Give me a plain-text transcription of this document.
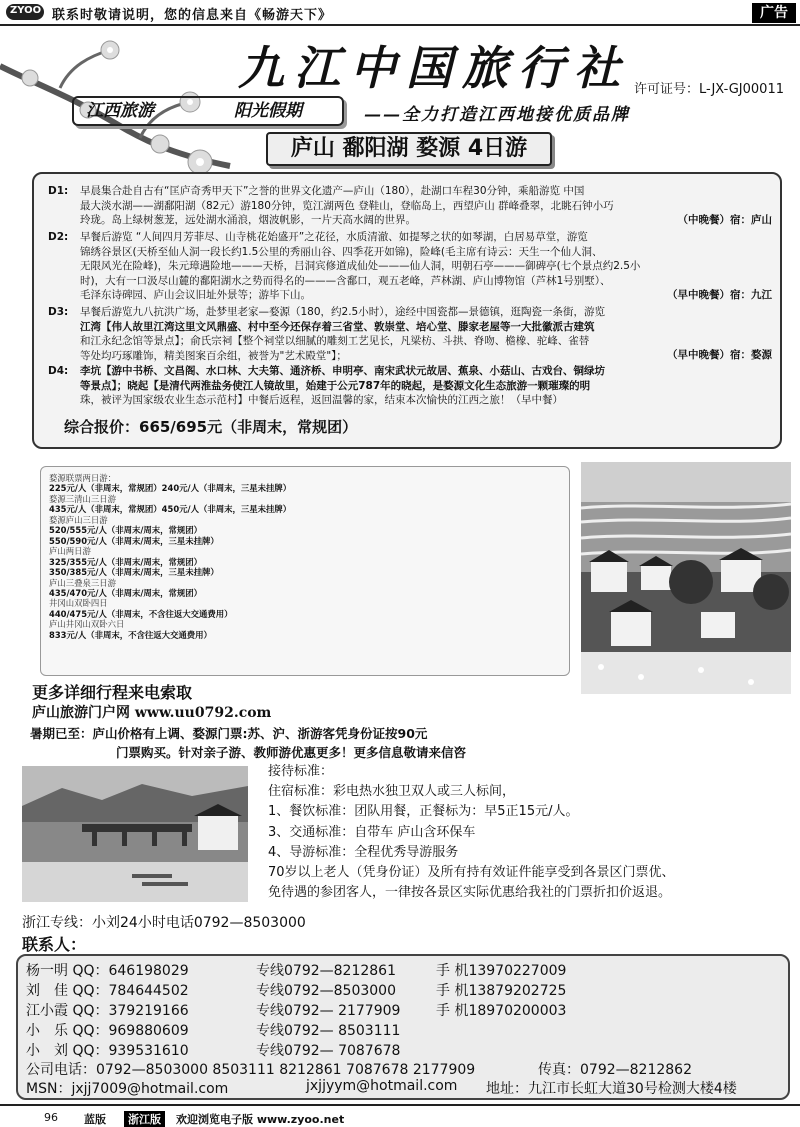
ZYOO 联系时敬请说明，您的信息来自《畅游天下》	广告
九江中国旅行社 许可证号：L-JX-GJ00011
江西旅游	阳光假期	——全力打造江西地接优质品牌
庐山 鄱阳湖 婺源 4日游
D1: 早晨集合赴自古有“匡庐奇秀甲天下”之誉的世界文化遗产—庐山（180），赴湖口车程30分钟，乘船游览 中国
最大淡水湖——湖鄱阳湖（82元）游180分钟，览江湖两色 登鞋山，登临岛上，西望庐山 群峰叠翠，北眺石钟小巧
玲珑。岛上绿树葱茏，远处湖水涌浪，烟波帆影，一片天高水阔的世界。	（中晚餐）宿：庐山
D2: 早餐后游览 “人间四月芳菲尽、山寺桃花始盛开”之花径，水质清澈、如提琴之状的如琴湖，白居易草堂，游览
锦绣谷景区(天桥至仙人洞一段长约1.5公里的秀丽山谷、四季花开如锦)，险峰(毛主席有诗云：天生一个仙人洞、
无限风光在险峰)，朱元璋遇险地———天桥，吕洞宾修道成仙处———仙人洞，明朝石亭———御碑亭(七个景点约2.5小
时)，大有一口汲尽山麓的鄱阳湖水之势而得名的———含鄱口，观五老峰，芦林湖、庐山博物馆（芦林1号别墅）、
毛泽东诗碑园、庐山会议旧址外景等；游毕下山。	（早中晚餐）宿：九江
D3: 早餐后游览九八抗洪广场，赴梦里老家—婺源（180，约2.5小时），途经中国瓷都—景德镇，逛陶瓷一条街，游览
江湾【伟人故里江湾这里文风鼎盛、村中至今还保存着三省堂、敦崇堂、培心堂、滕家老屋等一大批徽派古建筑
和江永纪念馆等景点】；俞氏宗祠【整个祠堂以细腻的雕刻工艺见长，凡梁枋、斗拱、脊吻、檐橡、驼峰、雀替
等处均巧琢雕饰，精美图案百余组，被誉为"艺术殿堂"】；	（早中晚餐）宿：婺源
D4: 李坑【游中书桥、文昌阁、水口林、大夫第、通济桥、申明亭、南宋武状元故居、蕉泉、小菇山、古戏台、铜绿坊
等景点】；晓起【是清代两淮盐务使江人镜故里，始建于公元787年的晓起，是婺源文化生态旅游一颗璀璨的明
珠，被评为国家级农业生态示范村】中餐后返程，返回温馨的家，结束本次愉快的江西之旅！（早中餐）
综合报价：665/695元（非周末，常规团）
婺源联票两日游：
225元/人（非周末，常规团）240元/人（非周末，三星未挂牌）
婺源三清山三日游
435元/人（非周末，常规团）450元/人（非周末，三星未挂牌）
婺源庐山三日游
520/555元/人（非周末/周末，常规团）
550/590元/人（非周末/周末，三星未挂牌）
庐山两日游
325/355元/人（非周末/周末，常规团）
350/385元/人（非周末/周末，三星未挂牌）
庐山三叠泉三日游
435/470元/人（非周末/周末，常规团）
井冈山双卧四日
440/475元/人（非周末，不含往返大交通费用）
庐山井冈山双卧六日
833元/人（非周末，不含往返大交通费用）
更多详细行程来电索取
庐山旅游门户网 www.uu0792.com
暑期已至：庐山价格有上调、婺源门票:苏、沪、浙游客凭身份证按90元
门票购买。针对亲子游、教师游优惠更多！更多信息敬请来信咨
接待标准：
住宿标准：彩电热水独卫双人或三人标间，
1、餐饮标准：团队用餐，正餐标为：早5正15元/人。
3、交通标准：自带车 庐山含环保车
4、导游标准：全程优秀导游服务
70岁以上老人（凭身份证）及所有持有效证件能享受到各景区门票优、
免待遇的参团客人，一律按各景区实际优惠给我社的门票折扣价返退。
浙江专线：小刘24小时电话0792—8503000
联系人：
杨一明 QQ：646198029	专线0792—8212861	手 机13970227009
刘　佳 QQ：784644502	专线0792—8503000	手 机13879202725
江小霞 QQ：379219166	专线0792— 2177909	手 机18970200003
小　乐 QQ：969880609	专线0792— 8503111
小　刘 QQ：939531610	专线0792— 7087678
公司电话：0792—8503000 8503111 8212861 7087678 2177909	传真：0792—8212862
MSN：jxjj7009@hotmail.com	jxjjyym@hotmail.com 地址：九江市长虹大道30号检测大楼4楼
96 蓝版	浙江版	欢迎浏览电子版 www.zyoo.net
